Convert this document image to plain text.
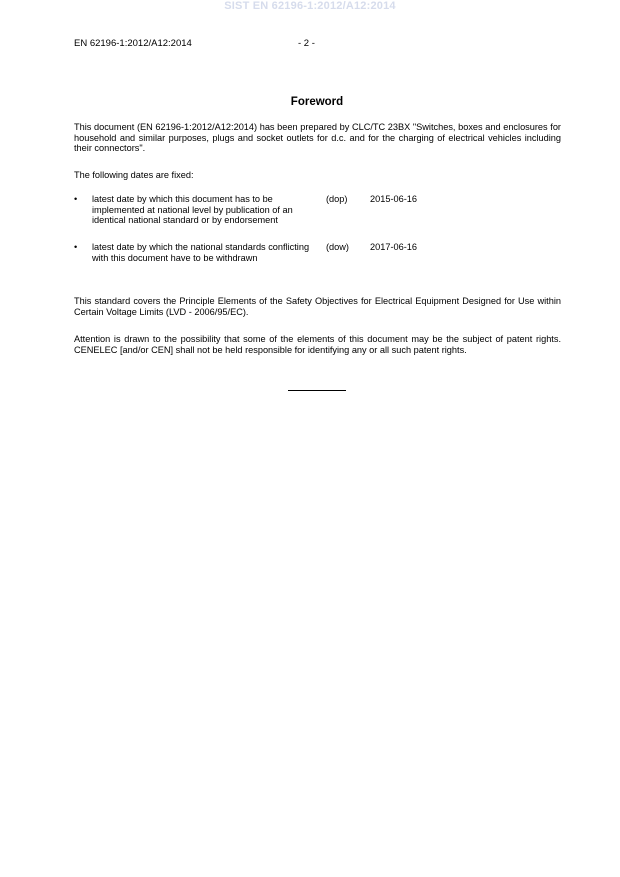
SIST EN 62196-1:2012/A12:2014
EN 62196-1:2012/A12:2014	- 2 -
Foreword
This document (EN 62196-1:2012/A12:2014) has been prepared by CLC/TC 23BX "Switches, boxes and enclosures for household and similar purposes, plugs and socket outlets for d.c. and for the charging of electrical vehicles including their connectors".
The following dates are fixed:
• latest date by which this document has to be implemented at national level by publication of an identical national standard or by endorsement
(dop) 2015-06-16
• latest date by which the national standards conflicting with this document have to be withdrawn
(dow) 2017-06-16
This standard covers the Principle Elements of the Safety Objectives for Electrical Equipment Designed for Use within Certain Voltage Limits (LVD - 2006/95/EC).
Attention is drawn to the possibility that some of the elements of this document may be the subject of patent rights. CENELEC [and/or CEN] shall not be held responsible for identifying any or all such patent rights.
